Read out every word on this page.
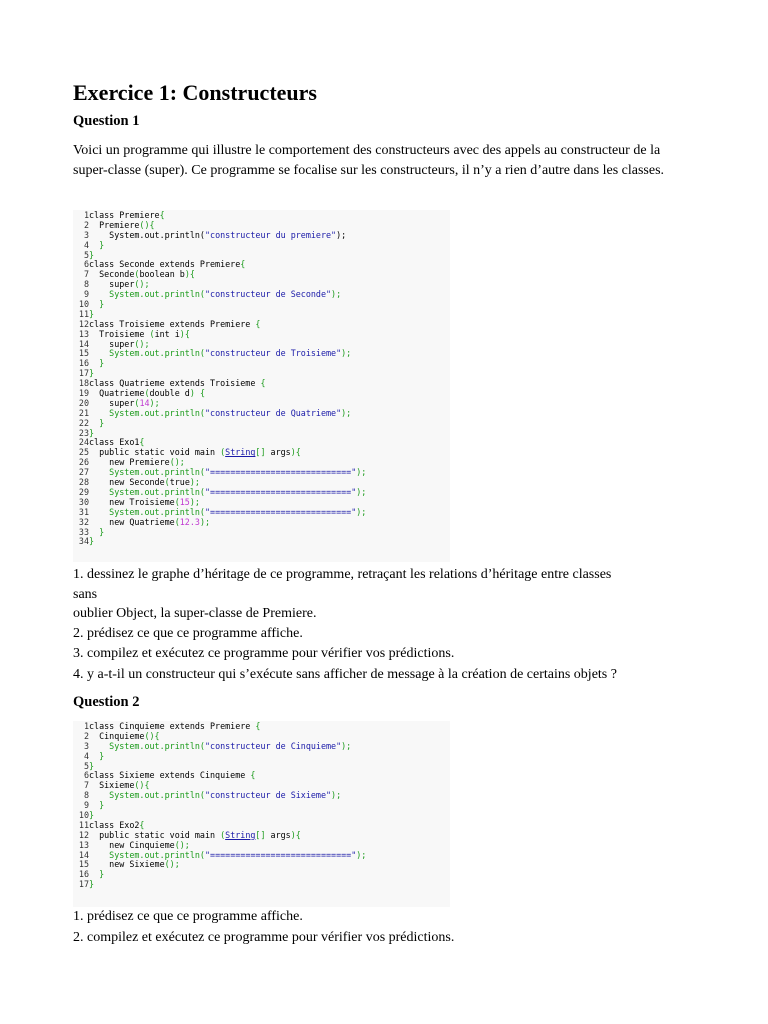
Exercice 1: Constructeurs

Question 1

Voici un programme qui illustre le comportement des constructeurs avec des appels au constructeur de la super-classe (super). Ce programme se focalise sur les constructeurs, il n’y a rien d’autre dans les classes.

1class Premiere{
2  Premiere(){
3    System.out.println("constructeur du premiere");
4  }
5}
6class Seconde extends Premiere{
7  Seconde(boolean b){
8    super();
9    System.out.println("constructeur de Seconde");
10  }
11}
12class Troisieme extends Premiere {
13  Troisieme (int i){
14    super();
15    System.out.println("constructeur de Troisieme");
16  }
17}
18class Quatrieme extends Troisieme {
19  Quatrieme(double d) {
20    super(14);
21    System.out.println("constructeur de Quatrieme");
22  }
23}
24class Exo1{
25  public static void main (String[] args){
26    new Premiere();
27    System.out.println("============================");
28    new Seconde(true);
29    System.out.println("============================");
30    new Troisieme(15);
31    System.out.println("============================");
32    new Quatrieme(12.3);
33  }
34}

1. dessinez le graphe d’héritage de ce programme, retraçant les relations d’héritage entre classes

sans

oublier Object, la super-classe de Premiere.

2. prédisez ce que ce programme affiche.

3. compilez et exécutez ce programme pour vérifier vos prédictions.

4. y a-t-il un constructeur qui s’exécute sans afficher de message à la création de certains objets ?

Question 2

1class Cinquieme extends Premiere {
2  Cinquieme(){
3    System.out.println("constructeur de Cinquieme");
4  }
5}
6class Sixieme extends Cinquieme {
7  Sixieme(){
8    System.out.println("constructeur de Sixieme");
9  }
10}
11class Exo2{
12  public static void main (String[] args){
13    new Cinquieme();
14    System.out.println("============================");
15    new Sixieme();
16  }
17}

1. prédisez ce que ce programme affiche.

2. compilez et exécutez ce programme pour vérifier vos prédictions.
